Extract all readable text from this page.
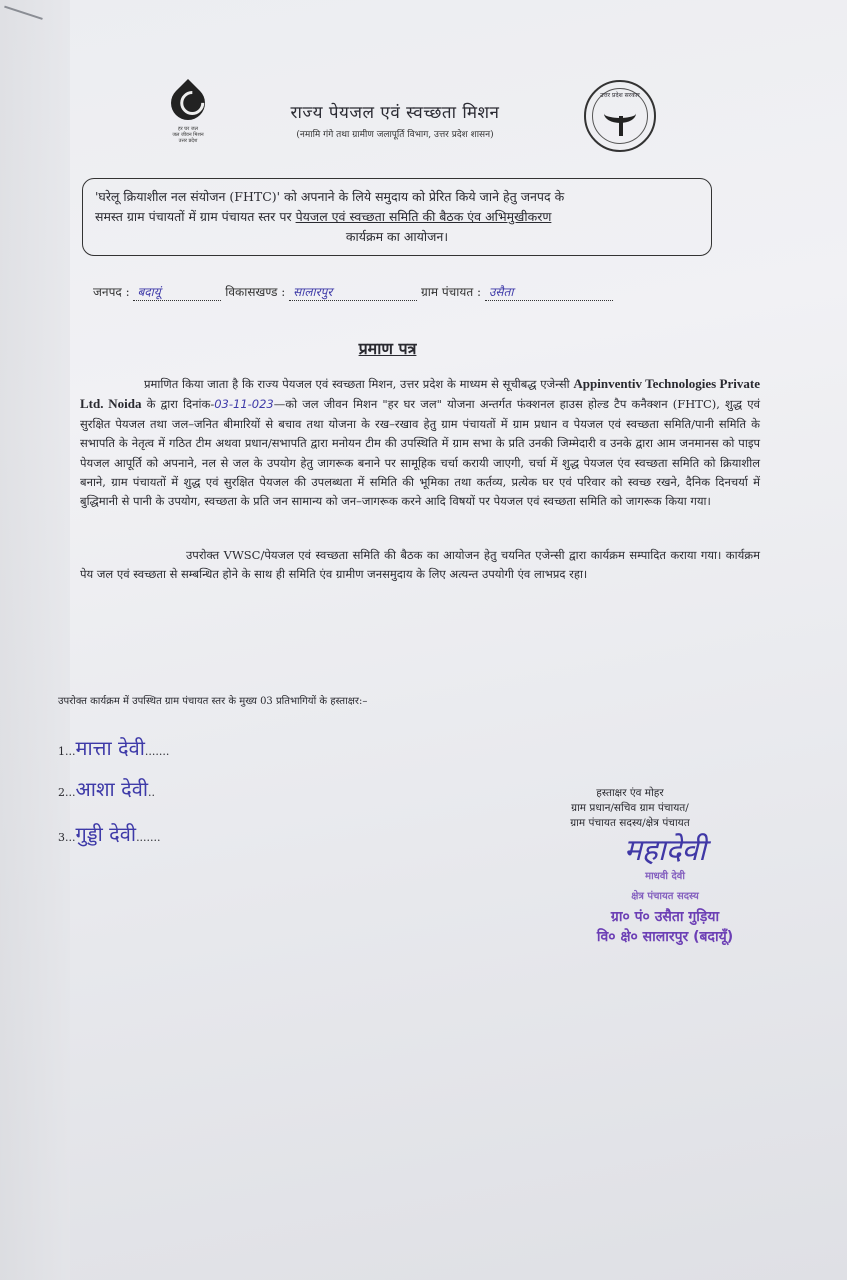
हर घर जल
जल जीवन मिशन
उत्तर प्रदेश
राज्य पेयजल एवं स्वच्छता मिशन
(नमामि गंगे तथा ग्रामीण जलापूर्ति विभाग, उत्तर प्रदेश शासन)
उत्तर प्रदेश सरकार
'घरेलू क्रियाशील नल संयोजन (FHTC)' को अपनाने के लिये समुदाय को प्रेरित किये जाने हेतु जनपद के
समस्त ग्राम पंचायतों में ग्राम पंचायत स्तर पर पेयजल एवं स्वच्छता समिति की बैठक एंव अभिमुखीकरण
कार्यक्रम का आयोजन।
जनपद : बदायूं	विकासखण्ड : सालारपुर	ग्राम पंचायत : उसैता
प्रमाण पत्र
प्रमाणित किया जाता है कि राज्य पेयजल एवं स्वच्छता मिशन, उत्तर प्रदेश के माध्यम से सूचीबद्ध एजेन्सी Appinventiv Technologies Private Ltd. Noida के द्वारा दिनांक-03-11-023—को जल जीवन मिशन "हर घर जल" योजना अन्तर्गत फंक्शनल हाउस होल्ड टैप कनैक्शन (FHTC), शुद्ध एवं सुरक्षित पेयजल तथा जल–जनित बीमारियों से बचाव तथा योजना के रख–रखाव हेतु ग्राम पंचायतों में ग्राम प्रधान व पेयजल एवं स्वच्छता समिति/पानी समिति के सभापति के नेतृत्व में गठित टीम अथवा प्रधान/सभापति द्वारा मनोयन टीम की उपस्थिति में ग्राम सभा के प्रति उनकी जिम्मेदारी व उनके द्वारा आम जनमानस को पाइप पेयजल आपूर्ति को अपनाने, नल से जल के उपयोग हेतु जागरूक बनाने पर सामूहिक चर्चा करायी जाएगी, चर्चा में शुद्ध पेयजल एंव स्वच्छता समिति को क्रियाशील बनाने, ग्राम पंचायतों में शुद्ध एवं सुरक्षित पेयजल की उपलब्धता में समिति की भूमिका तथा कर्तव्य, प्रत्येक घर एवं परिवार को स्वच्छ रखने, दैनिक दिनचर्या में बुद्धिमानी से पानी के उपयोग, स्वच्छता के प्रति जन सामान्य को जन–जागरूक करने आदि विषयों पर पेयजल एवं स्वच्छता समिति को जागरूक किया गया।
उपरोक्त VWSC/पेयजल एवं स्वच्छता समिति की बैठक का आयोजन हेतु चयनित एजेन्सी द्वारा कार्यक्रम सम्पादित कराया गया। कार्यक्रम पेय जल एवं स्वच्छता से सम्बन्धित होने के साथ ही समिति एंव ग्रामीण जनसमुदाय के लिए अत्यन्त उपयोगी एंव लाभप्रद रहा।
उपरोक्त कार्यक्रम में उपस्थित ग्राम पंचायत स्तर के मुख्य 03 प्रतिभागियों के हस्ताक्षर:–
1...मात्ता देवी.......
2...आशा देवी..
3...गुड्डी देवी.......
हस्ताक्षर एंव मोहर
ग्राम प्रधान/सचिव ग्राम पंचायत/
ग्राम पंचायत सदस्य/क्षेत्र पंचायत
महादेवी
माधवी देवी
क्षेत्र पंचायत सदस्य
ग्रा० पं० उसैता गुड़िया
वि० क्षे० सालारपुर (बदायूँ)
